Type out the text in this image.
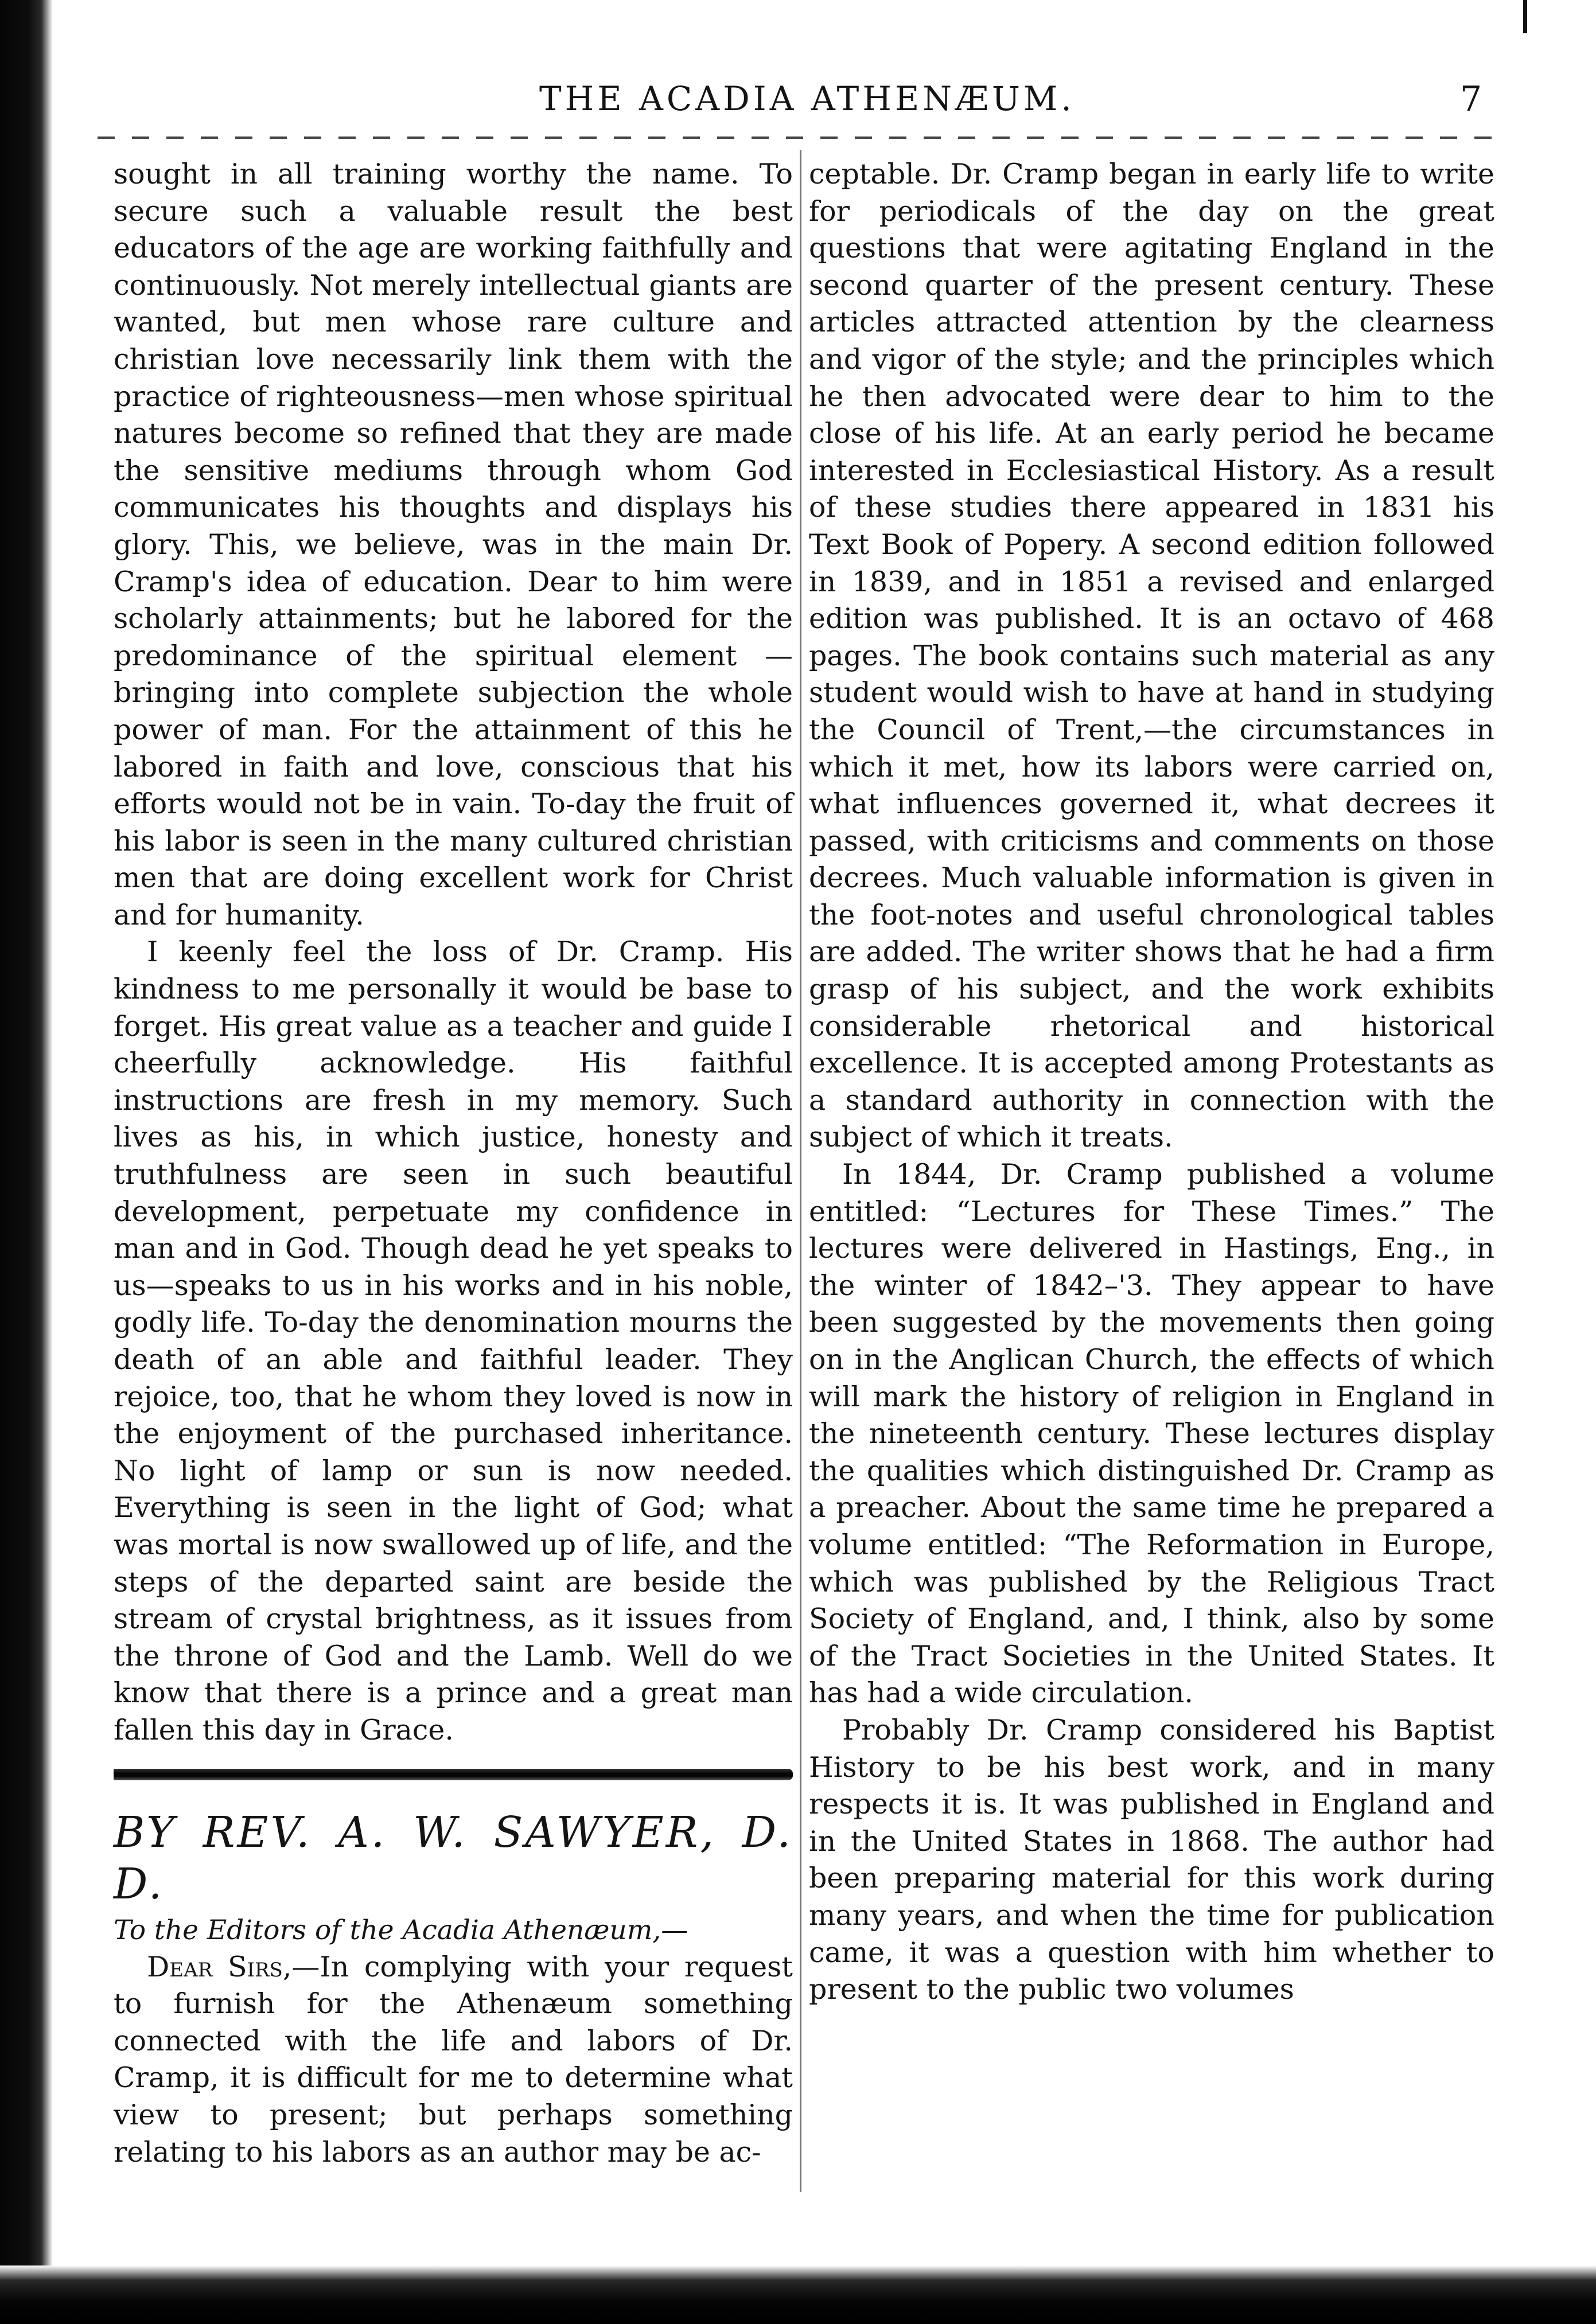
THE ACADIA ATHENÆUM.	7

sought in all training worthy the name. To secure such a valuable result the best educators of the age are working faithfully and continuously. Not merely intellectual giants are wanted, but men whose rare culture and christian love necessarily link them with the practice of righteousness—men whose spiritual natures become so refined that they are made the sensitive mediums through whom God communicates his thoughts and displays his glory. This, we believe, was in the main Dr. Cramp's idea of education. Dear to him were scholarly attainments; but he labored for the predominance of the spiritual element —bringing into complete subjection the whole power of man. For the attainment of this he labored in faith and love, conscious that his efforts would not be in vain. To-day the fruit of his labor is seen in the many cultured christian men that are doing excellent work for Christ and for humanity.

I keenly feel the loss of Dr. Cramp. His kindness to me personally it would be base to forget. His great value as a teacher and guide I cheerfully acknowledge. His faithful instructions are fresh in my memory. Such lives as his, in which justice, honesty and truthfulness are seen in such beautiful development, perpetuate my confidence in man and in God. Though dead he yet speaks to us—speaks to us in his works and in his noble, godly life. To-day the denomination mourns the death of an able and faithful leader. They rejoice, too, that he whom they loved is now in the enjoyment of the purchased inheritance. No light of lamp or sun is now needed. Everything is seen in the light of God; what was mortal is now swallowed up of life, and the steps of the departed saint are beside the stream of crystal brightness, as it issues from the throne of God and the Lamb. Well do we know that there is a prince and a great man fallen this day in Grace.

BY REV. A. W. SAWYER, D. D.
To the Editors of the Acadia Athenæum,—

Dear Sirs,—In complying with your request to furnish for the Athenæum something connected with the life and labors of Dr. Cramp, it is difficult for me to determine what view to present; but perhaps something relating to his labors as an author may be ac-

ceptable. Dr. Cramp began in early life to write for periodicals of the day on the great questions that were agitating England in the second quarter of the present century. These articles attracted attention by the clearness and vigor of the style; and the principles which he then advocated were dear to him to the close of his life. At an early period he became interested in Ecclesiastical History. As a result of these studies there appeared in 1831 his Text Book of Popery. A second edition followed in 1839, and in 1851 a revised and enlarged edition was published. It is an octavo of 468 pages. The book contains such material as any student would wish to have at hand in studying the Council of Trent,—the circumstances in which it met, how its labors were carried on, what influences governed it, what decrees it passed, with criticisms and comments on those decrees. Much valuable information is given in the foot-notes and useful chronological tables are added. The writer shows that he had a firm grasp of his subject, and the work exhibits considerable rhetorical and historical excellence. It is accepted among Protestants as a standard authority in connection with the subject of which it treats.

In 1844, Dr. Cramp published a volume entitled: “Lectures for These Times.” The lectures were delivered in Hastings, Eng., in the winter of 1842–'3. They appear to have been suggested by the movements then going on in the Anglican Church, the effects of which will mark the history of religion in England in the nineteenth century. These lectures display the qualities which distinguished Dr. Cramp as a preacher. About the same time he prepared a volume entitled: “The Reformation in Europe, which was published by the Religious Tract Society of England, and, I think, also by some of the Tract Societies in the United States. It has had a wide circulation.

Probably Dr. Cramp considered his Baptist History to be his best work, and in many respects it is. It was published in England and in the United States in 1868. The author had been preparing material for this work during many years, and when the time for publication came, it was a question with him whether to present to the public two volumes
